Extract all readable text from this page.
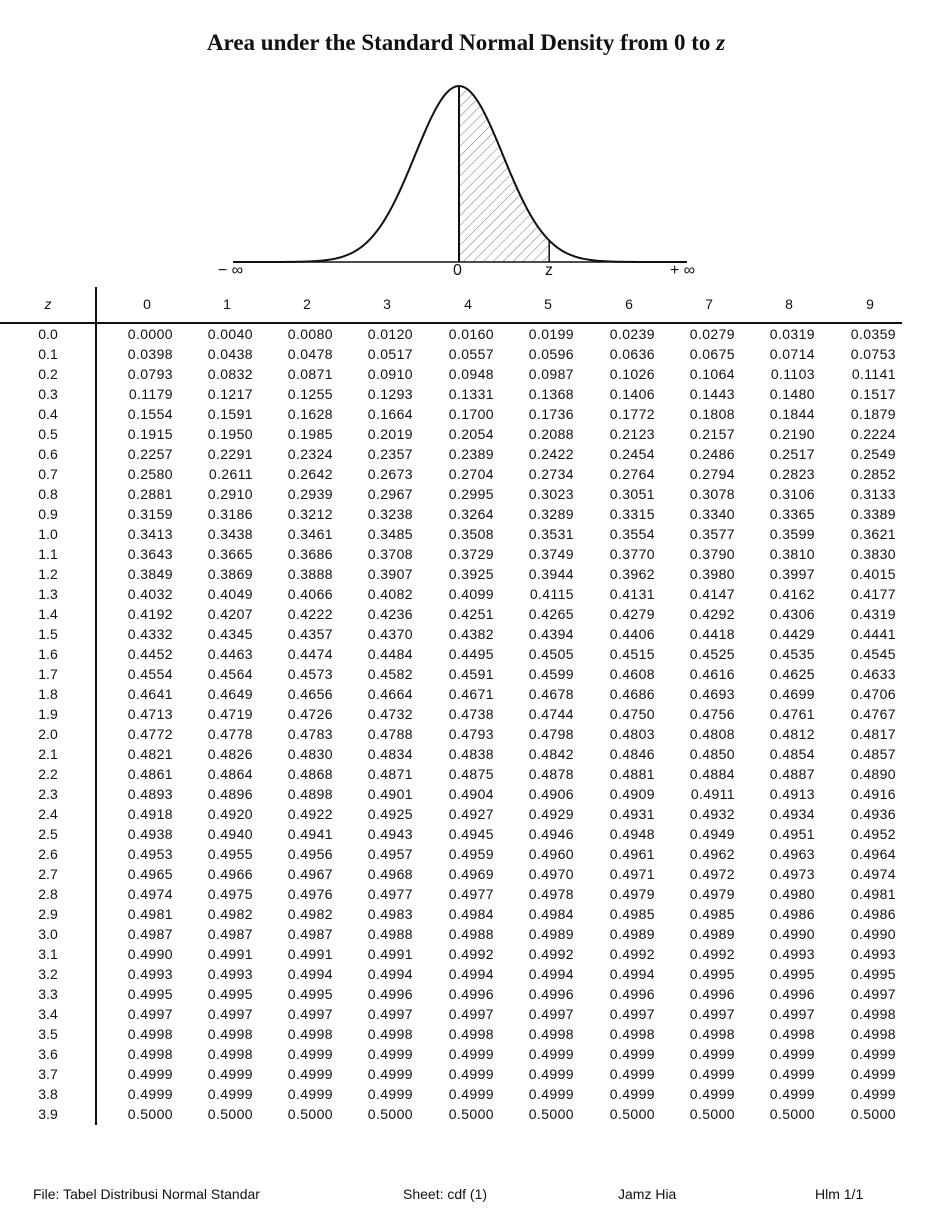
Area under the Standard Normal Density from 0 to z
− ∞	0	z	+ ∞
z	0	1	2	3	4	5	6	7	8	9
0.0	0.0000	0.0040	0.0080	0.0120	0.0160	0.0199	0.0239	0.0279	0.0319	0.0359
0.1	0.0398	0.0438	0.0478	0.0517	0.0557	0.0596	0.0636	0.0675	0.0714	0.0753
0.2	0.0793	0.0832	0.0871	0.0910	0.0948	0.0987	0.1026	0.1064	0.1103	0.1141
0.3	0.1179	0.1217	0.1255	0.1293	0.1331	0.1368	0.1406	0.1443	0.1480	0.1517
0.4	0.1554	0.1591	0.1628	0.1664	0.1700	0.1736	0.1772	0.1808	0.1844	0.1879
0.5	0.1915	0.1950	0.1985	0.2019	0.2054	0.2088	0.2123	0.2157	0.2190	0.2224
0.6	0.2257	0.2291	0.2324	0.2357	0.2389	0.2422	0.2454	0.2486	0.2517	0.2549
0.7	0.2580	0.2611	0.2642	0.2673	0.2704	0.2734	0.2764	0.2794	0.2823	0.2852
0.8	0.2881	0.2910	0.2939	0.2967	0.2995	0.3023	0.3051	0.3078	0.3106	0.3133
0.9	0.3159	0.3186	0.3212	0.3238	0.3264	0.3289	0.3315	0.3340	0.3365	0.3389
1.0	0.3413	0.3438	0.3461	0.3485	0.3508	0.3531	0.3554	0.3577	0.3599	0.3621
1.1	0.3643	0.3665	0.3686	0.3708	0.3729	0.3749	0.3770	0.3790	0.3810	0.3830
1.2	0.3849	0.3869	0.3888	0.3907	0.3925	0.3944	0.3962	0.3980	0.3997	0.4015
1.3	0.4032	0.4049	0.4066	0.4082	0.4099	0.4115	0.4131	0.4147	0.4162	0.4177
1.4	0.4192	0.4207	0.4222	0.4236	0.4251	0.4265	0.4279	0.4292	0.4306	0.4319
1.5	0.4332	0.4345	0.4357	0.4370	0.4382	0.4394	0.4406	0.4418	0.4429	0.4441
1.6	0.4452	0.4463	0.4474	0.4484	0.4495	0.4505	0.4515	0.4525	0.4535	0.4545
1.7	0.4554	0.4564	0.4573	0.4582	0.4591	0.4599	0.4608	0.4616	0.4625	0.4633
1.8	0.4641	0.4649	0.4656	0.4664	0.4671	0.4678	0.4686	0.4693	0.4699	0.4706
1.9	0.4713	0.4719	0.4726	0.4732	0.4738	0.4744	0.4750	0.4756	0.4761	0.4767
2.0	0.4772	0.4778	0.4783	0.4788	0.4793	0.4798	0.4803	0.4808	0.4812	0.4817
2.1	0.4821	0.4826	0.4830	0.4834	0.4838	0.4842	0.4846	0.4850	0.4854	0.4857
2.2	0.4861	0.4864	0.4868	0.4871	0.4875	0.4878	0.4881	0.4884	0.4887	0.4890
2.3	0.4893	0.4896	0.4898	0.4901	0.4904	0.4906	0.4909	0.4911	0.4913	0.4916
2.4	0.4918	0.4920	0.4922	0.4925	0.4927	0.4929	0.4931	0.4932	0.4934	0.4936
2.5	0.4938	0.4940	0.4941	0.4943	0.4945	0.4946	0.4948	0.4949	0.4951	0.4952
2.6	0.4953	0.4955	0.4956	0.4957	0.4959	0.4960	0.4961	0.4962	0.4963	0.4964
2.7	0.4965	0.4966	0.4967	0.4968	0.4969	0.4970	0.4971	0.4972	0.4973	0.4974
2.8	0.4974	0.4975	0.4976	0.4977	0.4977	0.4978	0.4979	0.4979	0.4980	0.4981
2.9	0.4981	0.4982	0.4982	0.4983	0.4984	0.4984	0.4985	0.4985	0.4986	0.4986
3.0	0.4987	0.4987	0.4987	0.4988	0.4988	0.4989	0.4989	0.4989	0.4990	0.4990
3.1	0.4990	0.4991	0.4991	0.4991	0.4992	0.4992	0.4992	0.4992	0.4993	0.4993
3.2	0.4993	0.4993	0.4994	0.4994	0.4994	0.4994	0.4994	0.4995	0.4995	0.4995
3.3	0.4995	0.4995	0.4995	0.4996	0.4996	0.4996	0.4996	0.4996	0.4996	0.4997
3.4	0.4997	0.4997	0.4997	0.4997	0.4997	0.4997	0.4997	0.4997	0.4997	0.4998
3.5	0.4998	0.4998	0.4998	0.4998	0.4998	0.4998	0.4998	0.4998	0.4998	0.4998
3.6	0.4998	0.4998	0.4999	0.4999	0.4999	0.4999	0.4999	0.4999	0.4999	0.4999
3.7	0.4999	0.4999	0.4999	0.4999	0.4999	0.4999	0.4999	0.4999	0.4999	0.4999
3.8	0.4999	0.4999	0.4999	0.4999	0.4999	0.4999	0.4999	0.4999	0.4999	0.4999
3.9	0.5000	0.5000	0.5000	0.5000	0.5000	0.5000	0.5000	0.5000	0.5000	0.5000
File: Tabel Distribusi Normal Standar	Sheet: cdf (1)	Jamz Hia	Hlm 1/1
